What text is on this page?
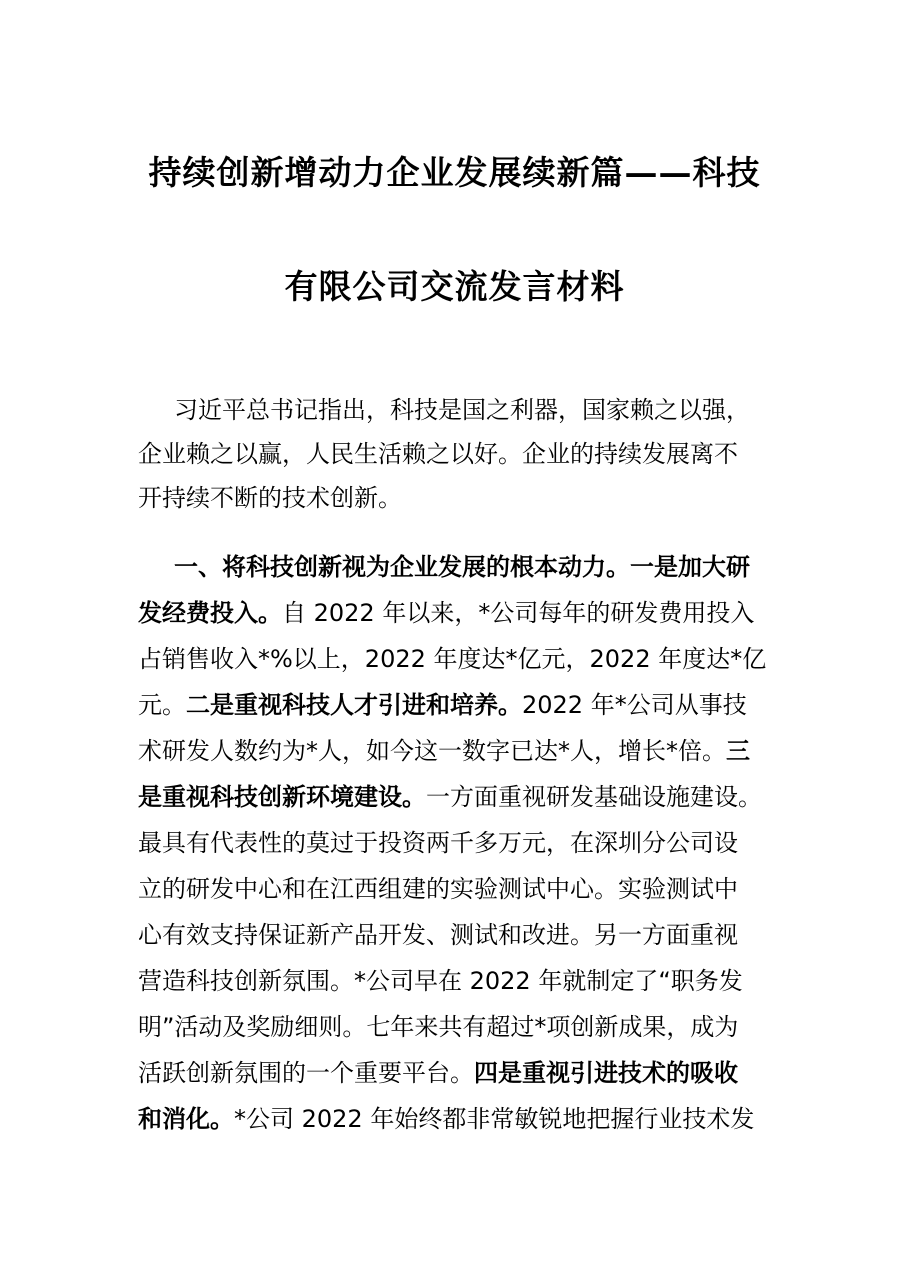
持续创新增动力企业发展续新篇——科技
有限公司交流发言材料
习近平总书记指出，科技是国之利器，国家赖之以强，
企业赖之以赢，人民生活赖之以好。企业的持续发展离不
开持续不断的技术创新。
一、将科技创新视为企业发展的根本动力。一是加大研
发经费投入。自 2022 年以来，*公司每年的研发费用投入
占销售收入*%以上，2022 年度达*亿元，2022 年度达*亿
元。二是重视科技人才引进和培养。2022 年*公司从事技
术研发人数约为*人，如今这一数字已达*人，增长*倍。三
是重视科技创新环境建设。一方面重视研发基础设施建设。
最具有代表性的莫过于投资两千多万元，在深圳分公司设
立的研发中心和在江西组建的实验测试中心。实验测试中
心有效支持保证新产品开发、测试和改进。另一方面重视
营造科技创新氛围。*公司早在 2022 年就制定了“职务发
明”活动及奖励细则。七年来共有超过*项创新成果，成为
活跃创新氛围的一个重要平台。四是重视引进技术的吸收
和消化。*公司 2022 年始终都非常敏锐地把握行业技术发
